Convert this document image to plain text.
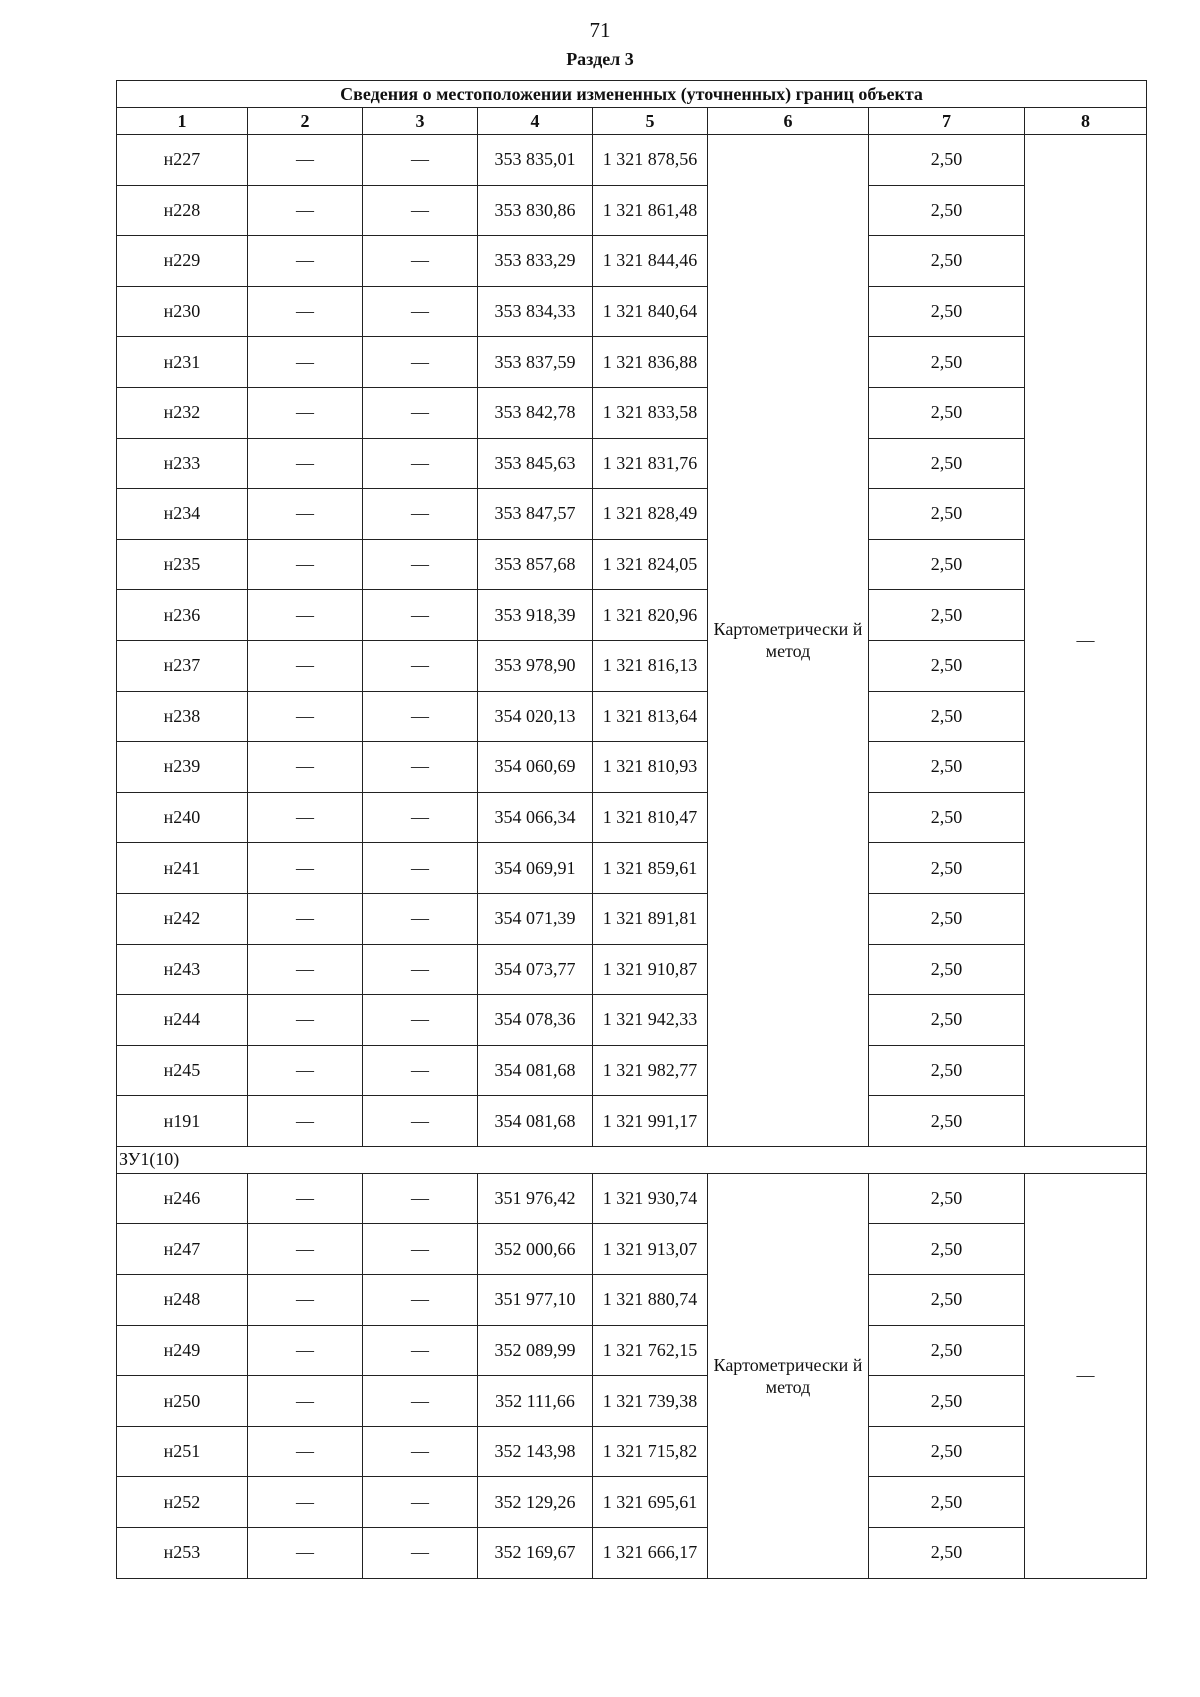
71
Раздел 3
Сведения о местоположении измененных (уточненных) границ объекта							
1	2	3	4	5	6	7	8
н227	—	—	353 835,01	1 321 878,56	Картометрически й метод	2,50	—
н228	—	—	353 830,86	1 321 861,48		2,50	
н229	—	—	353 833,29	1 321 844,46		2,50	
н230	—	—	353 834,33	1 321 840,64		2,50	
н231	—	—	353 837,59	1 321 836,88		2,50	
н232	—	—	353 842,78	1 321 833,58		2,50	
н233	—	—	353 845,63	1 321 831,76		2,50	
н234	—	—	353 847,57	1 321 828,49		2,50	
н235	—	—	353 857,68	1 321 824,05		2,50	
н236	—	—	353 918,39	1 321 820,96		2,50	
н237	—	—	353 978,90	1 321 816,13		2,50	
н238	—	—	354 020,13	1 321 813,64		2,50	
н239	—	—	354 060,69	1 321 810,93		2,50	
н240	—	—	354 066,34	1 321 810,47		2,50	
н241	—	—	354 069,91	1 321 859,61		2,50	
н242	—	—	354 071,39	1 321 891,81		2,50	
н243	—	—	354 073,77	1 321 910,87		2,50	
н244	—	—	354 078,36	1 321 942,33		2,50	
н245	—	—	354 081,68	1 321 982,77		2,50	
н191	—	—	354 081,68	1 321 991,17		2,50	
ЗУ1(10)							
н246	—	—	351 976,42	1 321 930,74	Картометрически й метод	2,50	—
н247	—	—	352 000,66	1 321 913,07		2,50	
н248	—	—	351 977,10	1 321 880,74		2,50	
н249	—	—	352 089,99	1 321 762,15		2,50	
н250	—	—	352 111,66	1 321 739,38		2,50	
н251	—	—	352 143,98	1 321 715,82		2,50	
н252	—	—	352 129,26	1 321 695,61		2,50	
н253	—	—	352 169,67	1 321 666,17		2,50	
